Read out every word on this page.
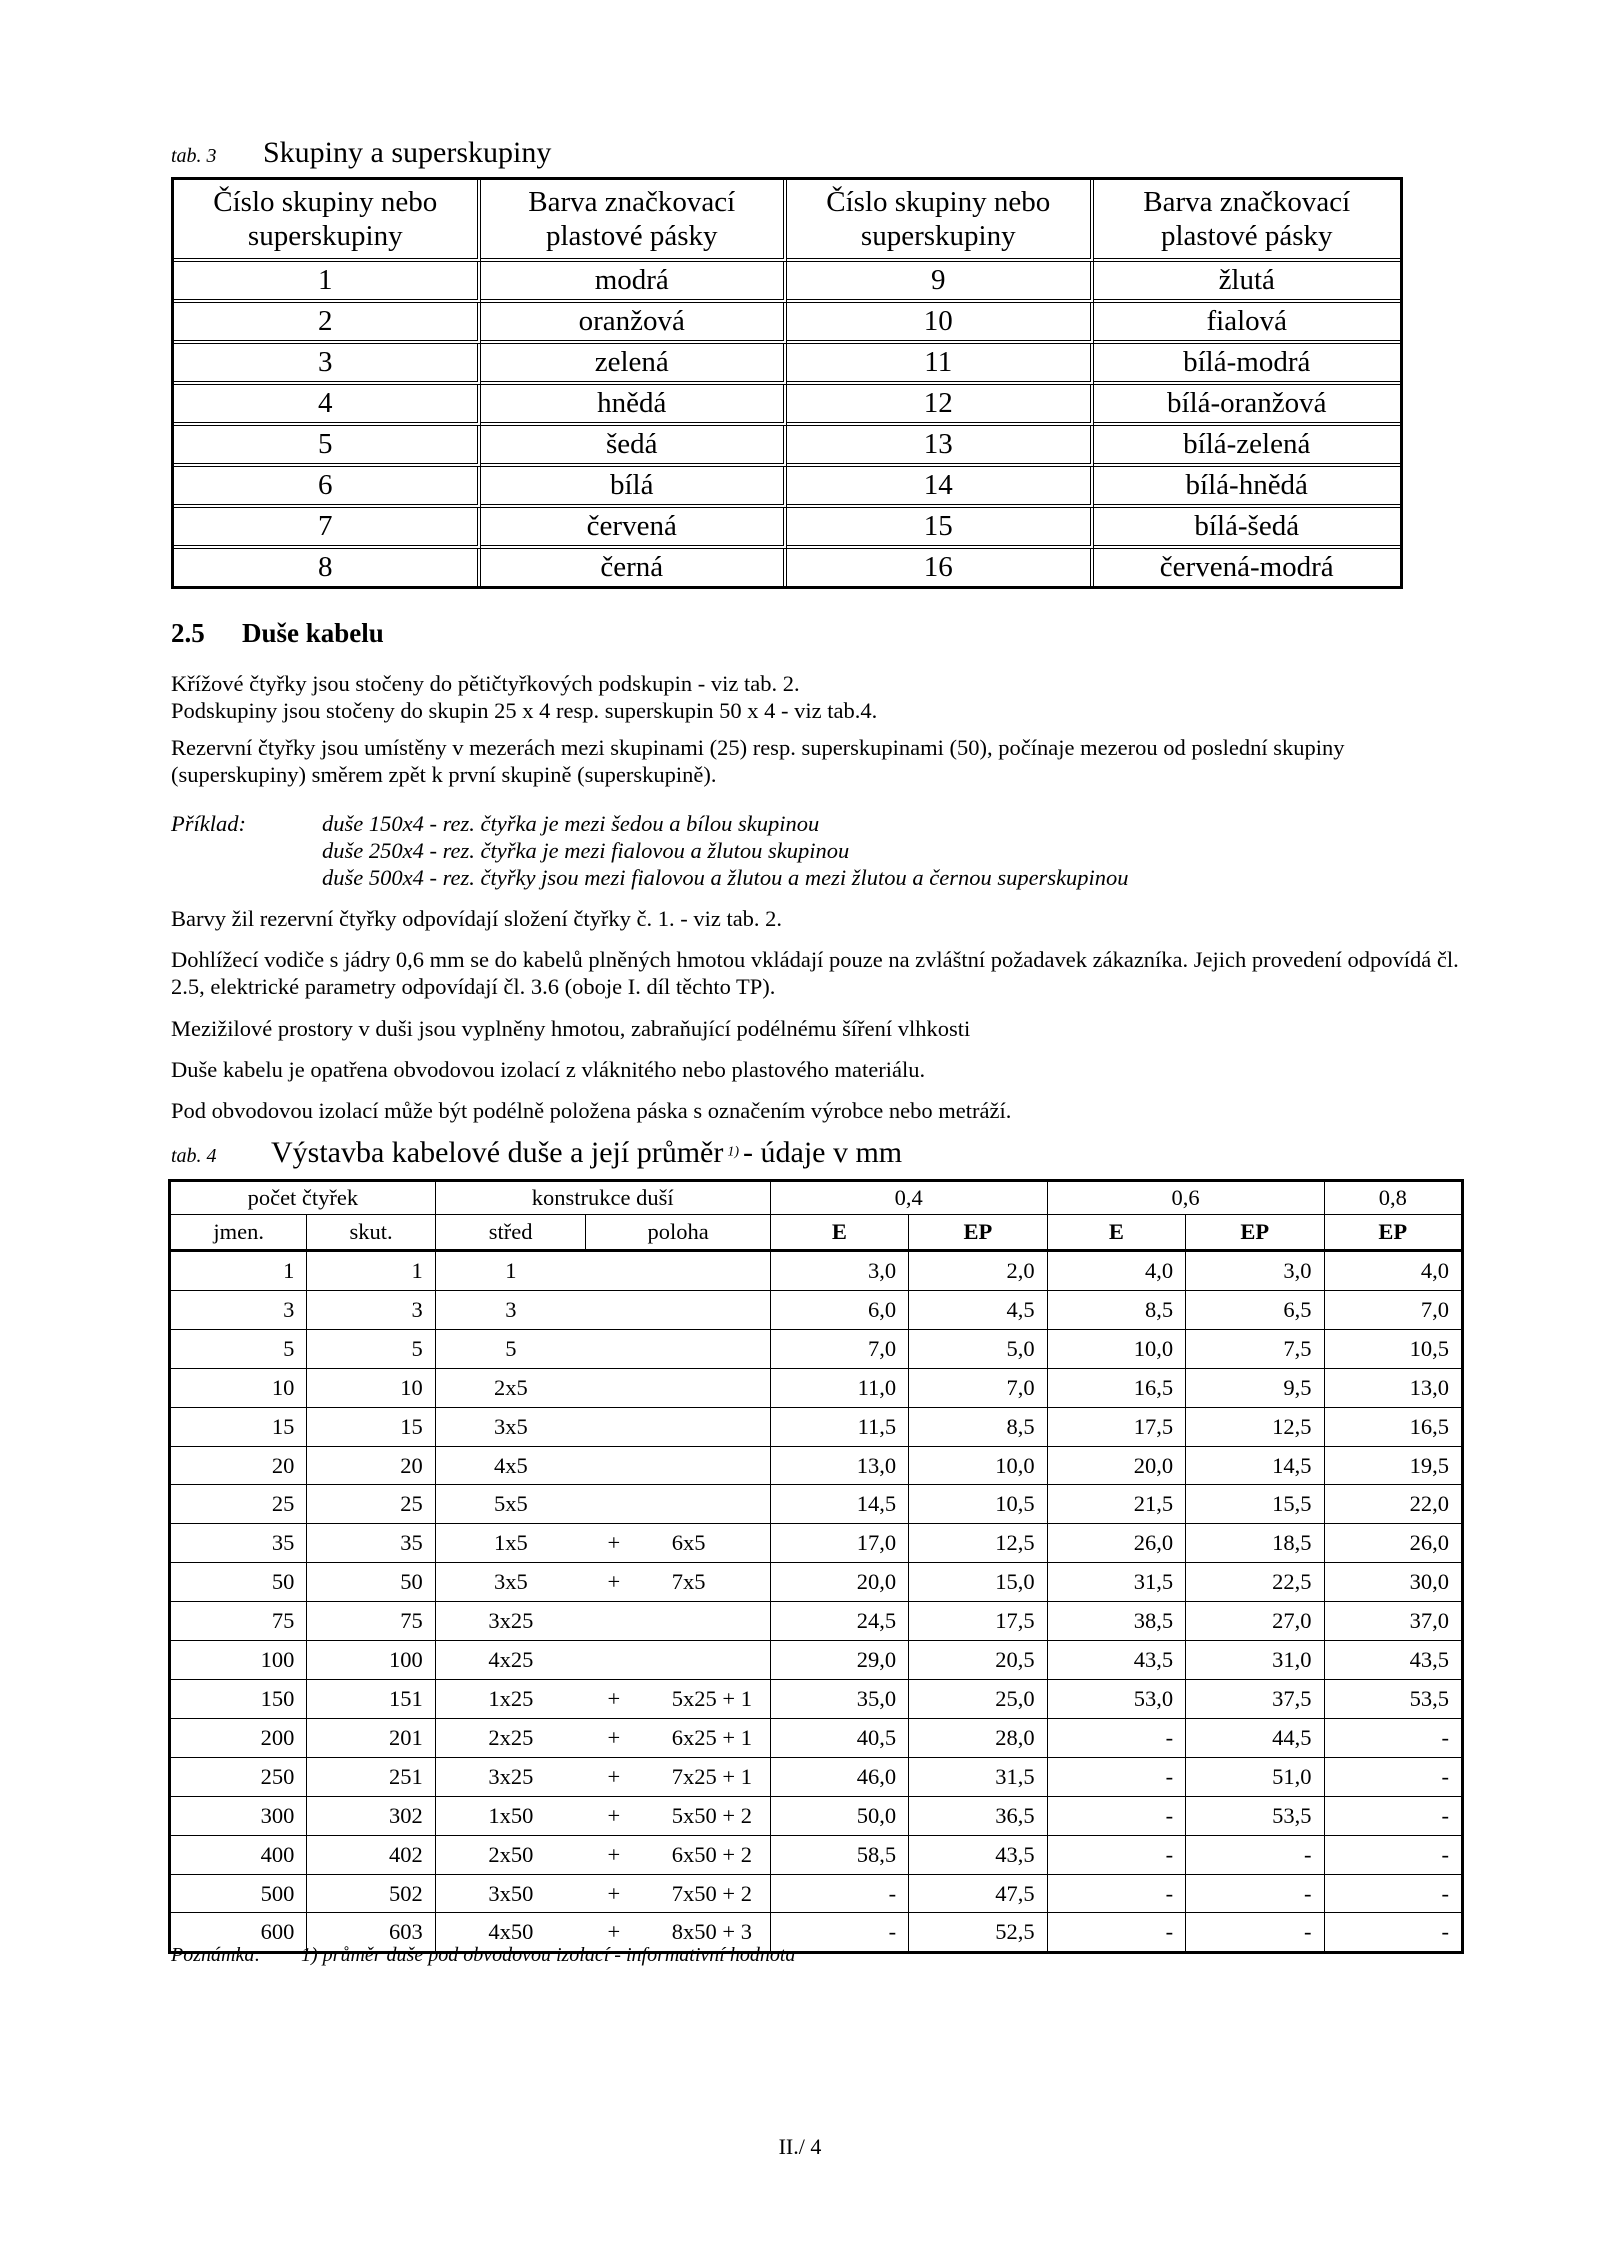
tab. 3 Skupiny a superskupiny
Číslo skupiny nebo superskupiny	Barva značkovací plastové pásky	Číslo skupiny nebo superskupiny	Barva značkovací plastové pásky
1	modrá	9	žlutá
2	oranžová	10	fialová
3	zelená	11	bílá-modrá
4	hnědá	12	bílá-oranžová
5	šedá	13	bílá-zelená
6	bílá	14	bílá-hnědá
7	červená	15	bílá-šedá
8	černá	16	červená-modrá
2.5 Duše kabelu
Křížové čtyřky jsou stočeny do pětičtyřkových podskupin - viz tab. 2.
Podskupiny jsou stočeny do skupin 25 x 4 resp. superskupin 50 x 4 - viz tab.4.
Rezervní čtyřky jsou umístěny v mezerách mezi skupinami (25) resp. superskupinami (50), počínaje mezerou od poslední skupiny (superskupiny) směrem zpět k první skupině (superskupině).
Příklad:	duše 150x4 - rez. čtyřka je mezi šedou a bílou skupinou
duše 250x4 - rez. čtyřka je mezi fialovou a žlutou skupinou
duše 500x4 - rez. čtyřky jsou mezi fialovou a žlutou a mezi žlutou a černou superskupinou
Barvy žil rezervní čtyřky odpovídají složení čtyřky č. 1. - viz tab. 2.
Dohlížecí vodiče s jádry 0,6 mm se do kabelů plněných hmotou vkládají pouze na zvláštní požadavek zákazníka. Jejich provedení odpovídá čl. 2.5, elektrické parametry odpovídají čl. 3.6 (oboje I. díl těchto TP).
Mezižilové prostory v duši jsou vyplněny hmotou, zabraňující podélnému šíření vlhkosti
Duše kabelu je opatřena obvodovou izolací z vláknitého nebo plastového materiálu.
Pod obvodovou izolací může být podélně položena páska s označením výrobce nebo metráží.
tab. 4 Výstavba kabelové duše a její průměr $^{1)}$ - údaje v mm
počet čtyřek		konstrukce duší			0,4		0,6		0,8
jmen.	skut.	střed	poloha		E	EP	E	EP	EP
1	1	1			3,0	2,0	4,0	3,0	4,0
3	3	3			6,0	4,5	8,5	6,5	7,0
5	5	5			7,0	5,0	10,0	7,5	10,5
10	10	2x5			11,0	7,0	16,5	9,5	13,0
15	15	3x5			11,5	8,5	17,5	12,5	16,5
20	20	4x5			13,0	10,0	20,0	14,5	19,5
25	25	5x5			14,5	10,5	21,5	15,5	22,0
35	35	1x5	+	6x5	17,0	12,5	26,0	18,5	26,0
50	50	3x5	+	7x5	20,0	15,0	31,5	22,5	30,0
75	75	3x25			24,5	17,5	38,5	27,0	37,0
100	100	4x25			29,0	20,5	43,5	31,0	43,5
150	151	1x25	+	5x25 + 1	35,0	25,0	53,0	37,5	53,5
200	201	2x25	+	6x25 + 1	40,5	28,0	-	44,5	-
250	251	3x25	+	7x25 + 1	46,0	31,5	-	51,0	-
300	302	1x50	+	5x50 + 2	50,0	36,5	-	53,5	-
400	402	2x50	+	6x50 + 2	58,5	43,5	-	-	-
500	502	3x50	+	7x50 + 2	-	47,5	-	-	-
600	603	4x50	+	8x50 + 3	-	52,5	-	-	-
Poznámka: 1) průměr duše pod obvodovou izolací - informativní hodnota
II./ 4
